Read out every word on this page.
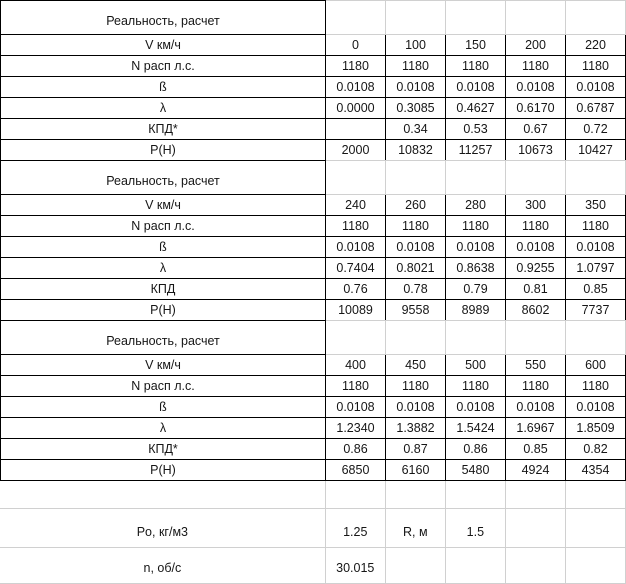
Реальность, расчет					
V км/ч	0	100	150	200	220
N расп л.с.	1180	1180	1180	1180	1180
ß	0.0108	0.0108	0.0108	0.0108	0.0108
λ	0.0000	0.3085	0.4627	0.6170	0.6787
КПД*		0.34	0.53	0.67	0.72
P(H)	2000	10832	11257	10673	10427
Реальность, расчет					
V км/ч	240	260	280	300	350
N расп л.с.	1180	1180	1180	1180	1180
ß	0.0108	0.0108	0.0108	0.0108	0.0108
λ	0.7404	0.8021	0.8638	0.9255	1.0797
КПД	0.76	0.78	0.79	0.81	0.85
P(H)	10089	9558	8989	8602	7737
Реальность, расчет					
V км/ч	400	450	500	550	600
N расп л.с.	1180	1180	1180	1180	1180
ß	0.0108	0.0108	0.0108	0.0108	0.0108
λ	1.2340	1.3882	1.5424	1.6967	1.8509
КПД*	0.86	0.87	0.86	0.85	0.82
P(H)	6850	6160	5480	4924	4354

Po, кг/м3	1.25	R, м	1.5		
n, об/с	30.015				
